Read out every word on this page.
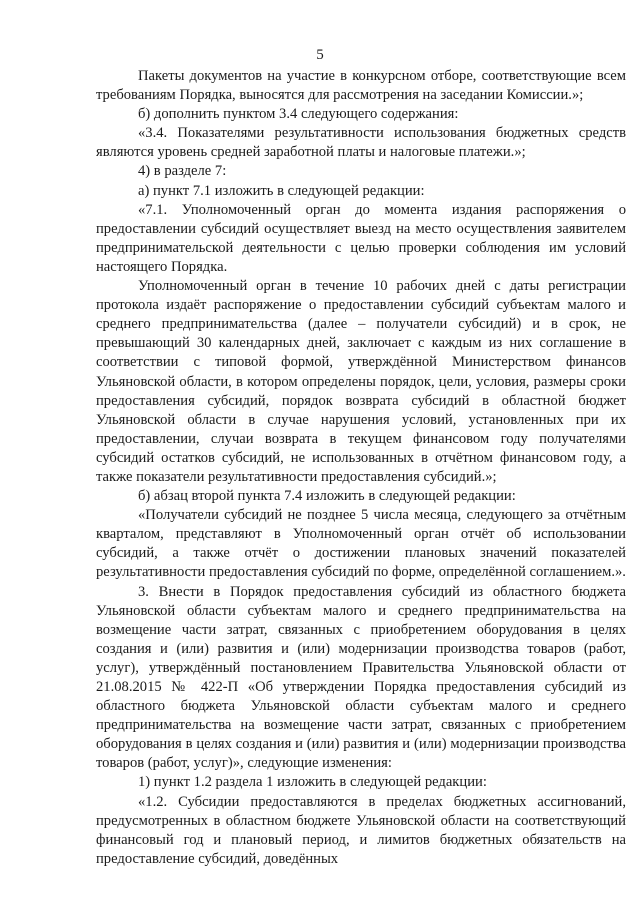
5

Пакеты документов на участие в конкурсном отборе, соответствующие всем требованиям Порядка, выносятся для рассмотрения на заседании Комиссии.»;

б) дополнить пунктом 3.4 следующего содержания:

«3.4. Показателями результативности использования бюджетных средств являются уровень средней заработной платы и налоговые платежи.»;

4) в разделе 7:

а) пункт 7.1 изложить в следующей редакции:

«7.1. Уполномоченный орган до момента издания распоряжения о предоставлении субсидий осуществляет выезд на место осуществления заявителем предпринимательской деятельности с целью проверки соблюдения им условий настоящего Порядка.

Уполномоченный орган в течение 10 рабочих дней с даты регистрации протокола издаёт распоряжение о предоставлении субсидий субъектам малого и среднего предпринимательства (далее – получатели субсидий) и в срок, не превышающий 30 календарных дней, заключает с каждым из них соглашение в соответствии с типовой формой, утверждённой Министерством финансов Ульяновской области, в котором определены порядок, цели, условия, размеры сроки предоставления субсидий, порядок возврата субсидий в областной бюджет Ульяновской области в случае нарушения условий, установленных при их предоставлении, случаи возврата в текущем финансовом году получателями субсидий остатков субсидий, не использованных в отчётном финансовом году, а также показатели результативности предоставления субсидий.»;

б) абзац второй пункта 7.4 изложить в следующей редакции:

«Получатели субсидий не позднее 5 числа месяца, следующего за отчётным кварталом, представляют в Уполномоченный орган отчёт об использовании субсидий, а также отчёт о достижении плановых значений показателей результативности предоставления субсидий по форме, определённой соглашением.».

3. Внести в Порядок предоставления субсидий из областного бюджета Ульяновской области субъектам малого и среднего предпринимательства на возмещение части затрат, связанных с приобретением оборудования в целях создания и (или) развития и (или) модернизации производства товаров (работ, услуг), утверждённый постановлением Правительства Ульяновской области от 21.08.2015 № 422-П «Об утверждении Порядка предоставления субсидий из областного бюджета Ульяновской области субъектам малого и среднего предпринимательства на возмещение части затрат, связанных с приобретением оборудования в целях создания и (или) развития и (или) модернизации производства товаров (работ, услуг)», следующие изменения:

1) пункт 1.2 раздела 1 изложить в следующей редакции:

«1.2. Субсидии предоставляются в пределах бюджетных ассигнований, предусмотренных в областном бюджете Ульяновской области на соответствующий финансовый год и плановый период, и лимитов бюджетных обязательств на предоставление субсидий, доведённых
